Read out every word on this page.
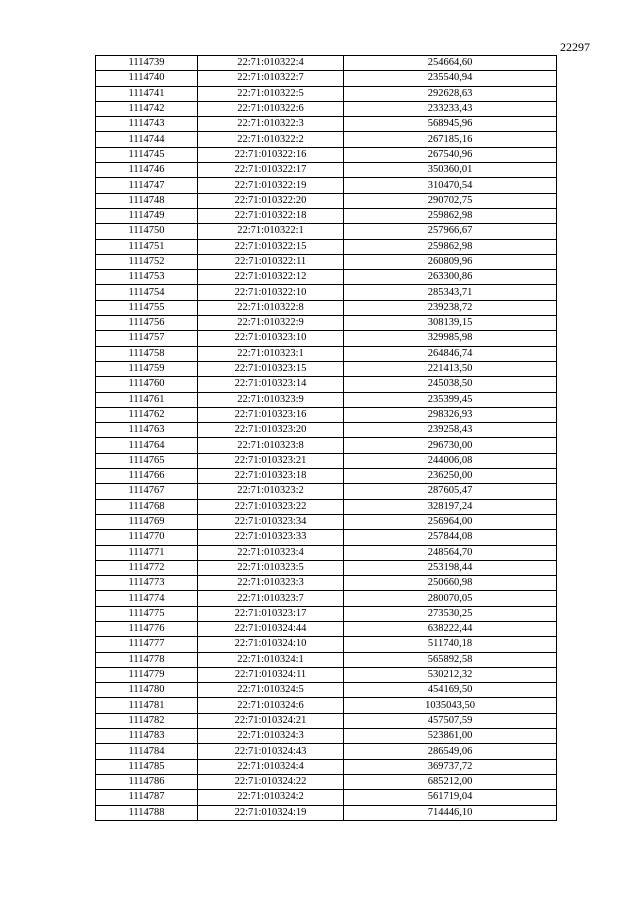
22297
1114739	22:71:010322:4	254664,60
1114740	22:71:010322:7	235540,94
1114741	22:71:010322:5	292628,63
1114742	22:71:010322:6	233233,43
1114743	22:71:010322:3	568945,96
1114744	22:71:010322:2	267185,16
1114745	22:71:010322:16	267540,96
1114746	22:71:010322:17	350360,01
1114747	22:71:010322:19	310470,54
1114748	22:71:010322:20	290702,75
1114749	22:71:010322:18	259862,98
1114750	22:71:010322:1	257966,67
1114751	22:71:010322:15	259862,98
1114752	22:71:010322:11	260809,96
1114753	22:71:010322:12	263300,86
1114754	22:71:010322:10	285343,71
1114755	22:71:010322:8	239238,72
1114756	22:71:010322:9	308139,15
1114757	22:71:010323:10	329985,98
1114758	22:71:010323:1	264846,74
1114759	22:71:010323:15	221413,50
1114760	22:71:010323:14	245038,50
1114761	22:71:010323:9	235399,45
1114762	22:71:010323:16	298326,93
1114763	22:71:010323:20	239258,43
1114764	22:71:010323:8	296730,00
1114765	22:71:010323:21	244006,08
1114766	22:71:010323:18	236250,00
1114767	22:71:010323:2	287605,47
1114768	22:71:010323:22	328197,24
1114769	22:71:010323:34	256964,00
1114770	22:71:010323:33	257844,08
1114771	22:71:010323:4	248564,70
1114772	22:71:010323:5	253198,44
1114773	22:71:010323:3	250660,98
1114774	22:71:010323:7	280070,05
1114775	22:71:010323:17	273530,25
1114776	22:71:010324:44	638222,44
1114777	22:71:010324:10	511740,18
1114778	22:71:010324:1	565892,58
1114779	22:71:010324:11	530212,32
1114780	22:71:010324:5	454169,50
1114781	22:71:010324:6	1035043,50
1114782	22:71:010324:21	457507,59
1114783	22:71:010324:3	523861,00
1114784	22:71:010324:43	286549,06
1114785	22:71:010324:4	369737,72
1114786	22:71:010324:22	685212,00
1114787	22:71:010324:2	561719,04
1114788	22:71:010324:19	714446,10
